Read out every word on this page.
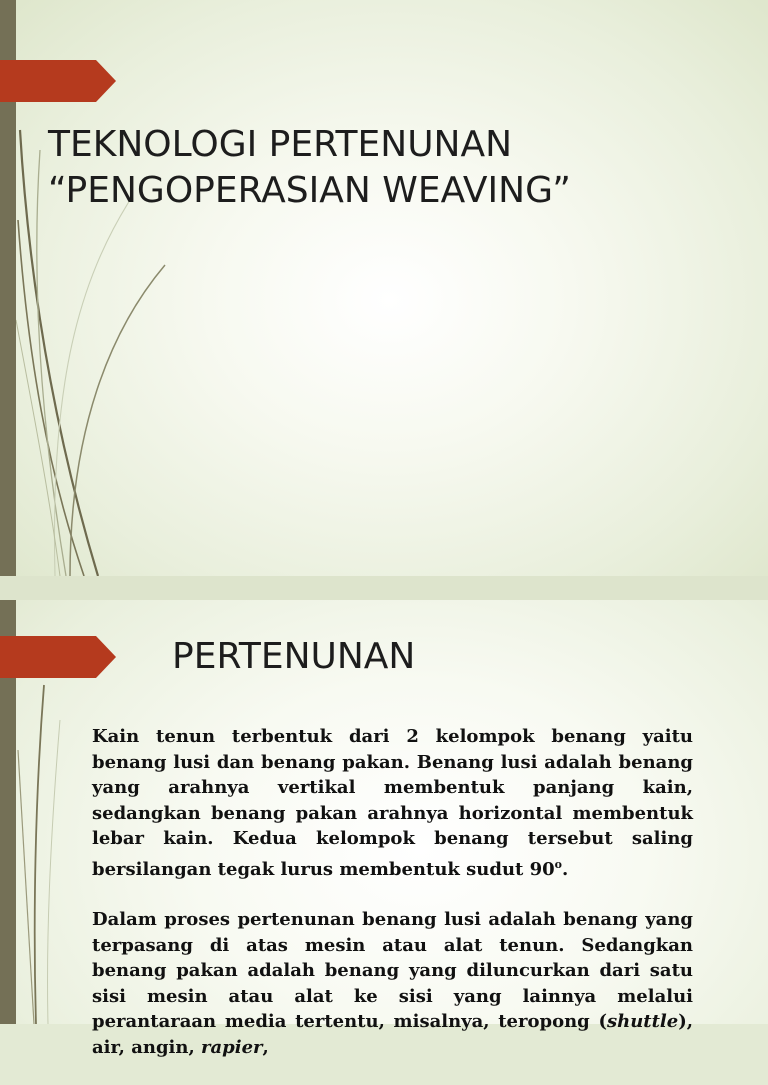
TEKNOLOGI PERTENUNAN
“PENGOPERASIAN WEAVING”
PERTENUNAN

Kain tenun terbentuk dari 2 kelompok benang yaitu benang lusi dan benang pakan. Benang lusi adalah benang yang arahnya vertikal membentuk panjang kain, sedangkan benang pakan arahnya horizontal membentuk lebar kain. Kedua kelompok benang tersebut saling bersilangan tegak lurus membentuk sudut 90$^o$.

Dalam proses pertenunan benang lusi adalah benang yang terpasang di atas mesin atau alat tenun. Sedangkan benang pakan adalah benang yang diluncurkan dari satu sisi mesin atau alat ke sisi yang lainnya melalui perantaraan media tertentu, misalnya, teropong (shuttle), air, angin, rapier,
